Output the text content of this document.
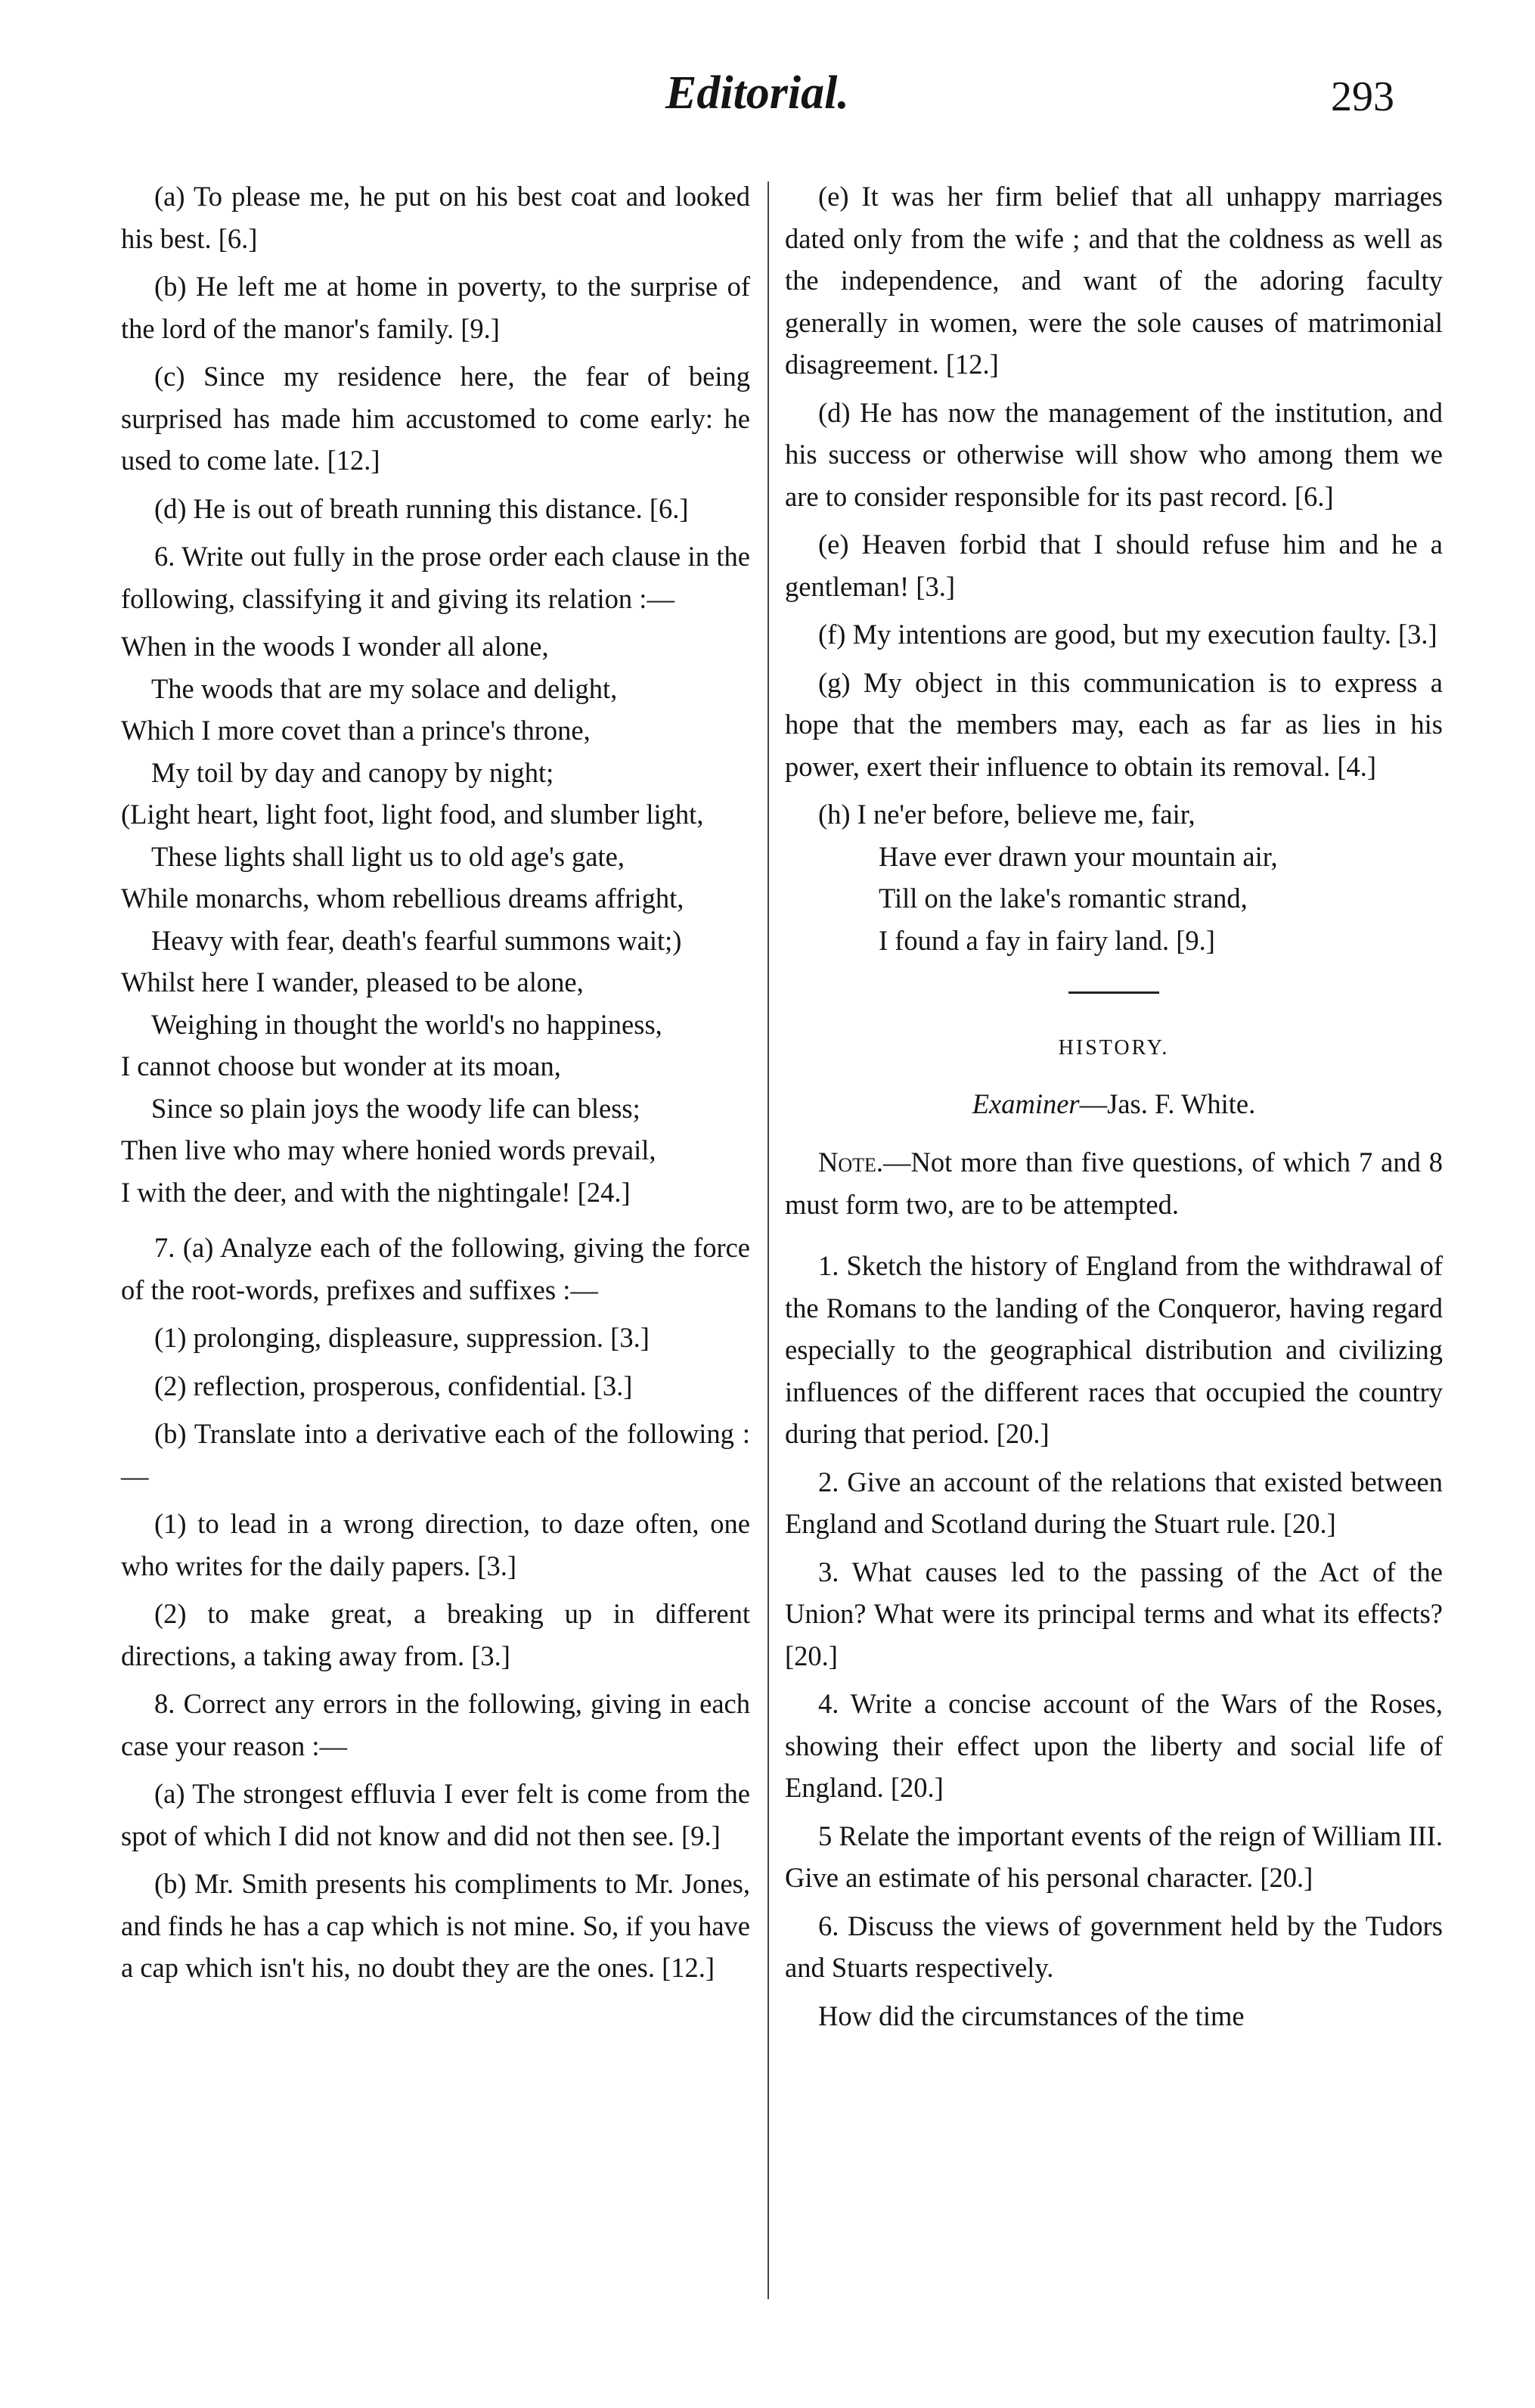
Editorial.	293

(a) To please me, he put on his best coat and looked his best. [6.]

(b) He left me at home in poverty, to the surprise of the lord of the manor's family. [9.]

(c) Since my residence here, the fear of being surprised has made him accustomed to come early: he used to come late. [12.]

(d) He is out of breath running this distance. [6.]

6. Write out fully in the prose order each clause in the following, classifying it and giving its relation :—

When in the woods I wonder all alone,
The woods that are my solace and delight,
Which I more covet than a prince's throne,
My toil by day and canopy by night;
(Light heart, light foot, light food, and slumber light,
These lights shall light us to old age's gate,
While monarchs, whom rebellious dreams affright,
Heavy with fear, death's fearful summons wait;)
Whilst here I wander, pleased to be alone,
Weighing in thought the world's no happiness,
I cannot choose but wonder at its moan,
Since so plain joys the woody life can bless;
Then live who may where honied words prevail,
I with the deer, and with the nightingale! [24.]

7. (a) Analyze each of the following, giving the force of the root-words, prefixes and suffixes :—

(1) prolonging, displeasure, suppression. [3.]

(2) reflection, prosperous, confidential. [3.]

(b) Translate into a derivative each of the following :—

(1) to lead in a wrong direction, to daze often, one who writes for the daily papers. [3.]

(2) to make great, a breaking up in different directions, a taking away from. [3.]

8. Correct any errors in the following, giving in each case your reason :—

(a) The strongest effluvia I ever felt is come from the spot of which I did not know and did not then see. [9.]

(b) Mr. Smith presents his compliments to Mr. Jones, and finds he has a cap which is not mine. So, if you have a cap which isn't his, no doubt they are the ones. [12.]

(e) It was her firm belief that all unhappy marriages dated only from the wife ; and that the coldness as well as the independence, and want of the adoring faculty generally in women, were the sole causes of matrimonial disagreement. [12.]

(d) He has now the management of the institution, and his success or otherwise will show who among them we are to consider responsible for its past record. [6.]

(e) Heaven forbid that I should refuse him and he a gentleman! [3.]

(f) My intentions are good, but my execution faulty. [3.]

(g) My object in this communication is to express a hope that the members may, each as far as lies in his power, exert their influence to obtain its removal. [4.]

(h) I ne'er before, believe me, fair,
Have ever drawn your mountain air,
Till on the lake's romantic strand,
I found a fay in fairy land. [9.]
HISTORY.
Examiner—Jas. F. White.

Note.—Not more than five questions, of which 7 and 8 must form two, are to be attempted.

1. Sketch the history of England from the withdrawal of the Romans to the landing of the Conqueror, having regard especially to the geographical distribution and civilizing influences of the different races that occupied the country during that period. [20.]

2. Give an account of the relations that existed between England and Scotland during the Stuart rule. [20.]

3. What causes led to the passing of the Act of the Union? What were its principal terms and what its effects? [20.]

4. Write a concise account of the Wars of the Roses, showing their effect upon the liberty and social life of England. [20.]

5 Relate the important events of the reign of William III. Give an estimate of his personal character. [20.]

6. Discuss the views of government held by the Tudors and Stuarts respectively.

How did the circumstances of the time
